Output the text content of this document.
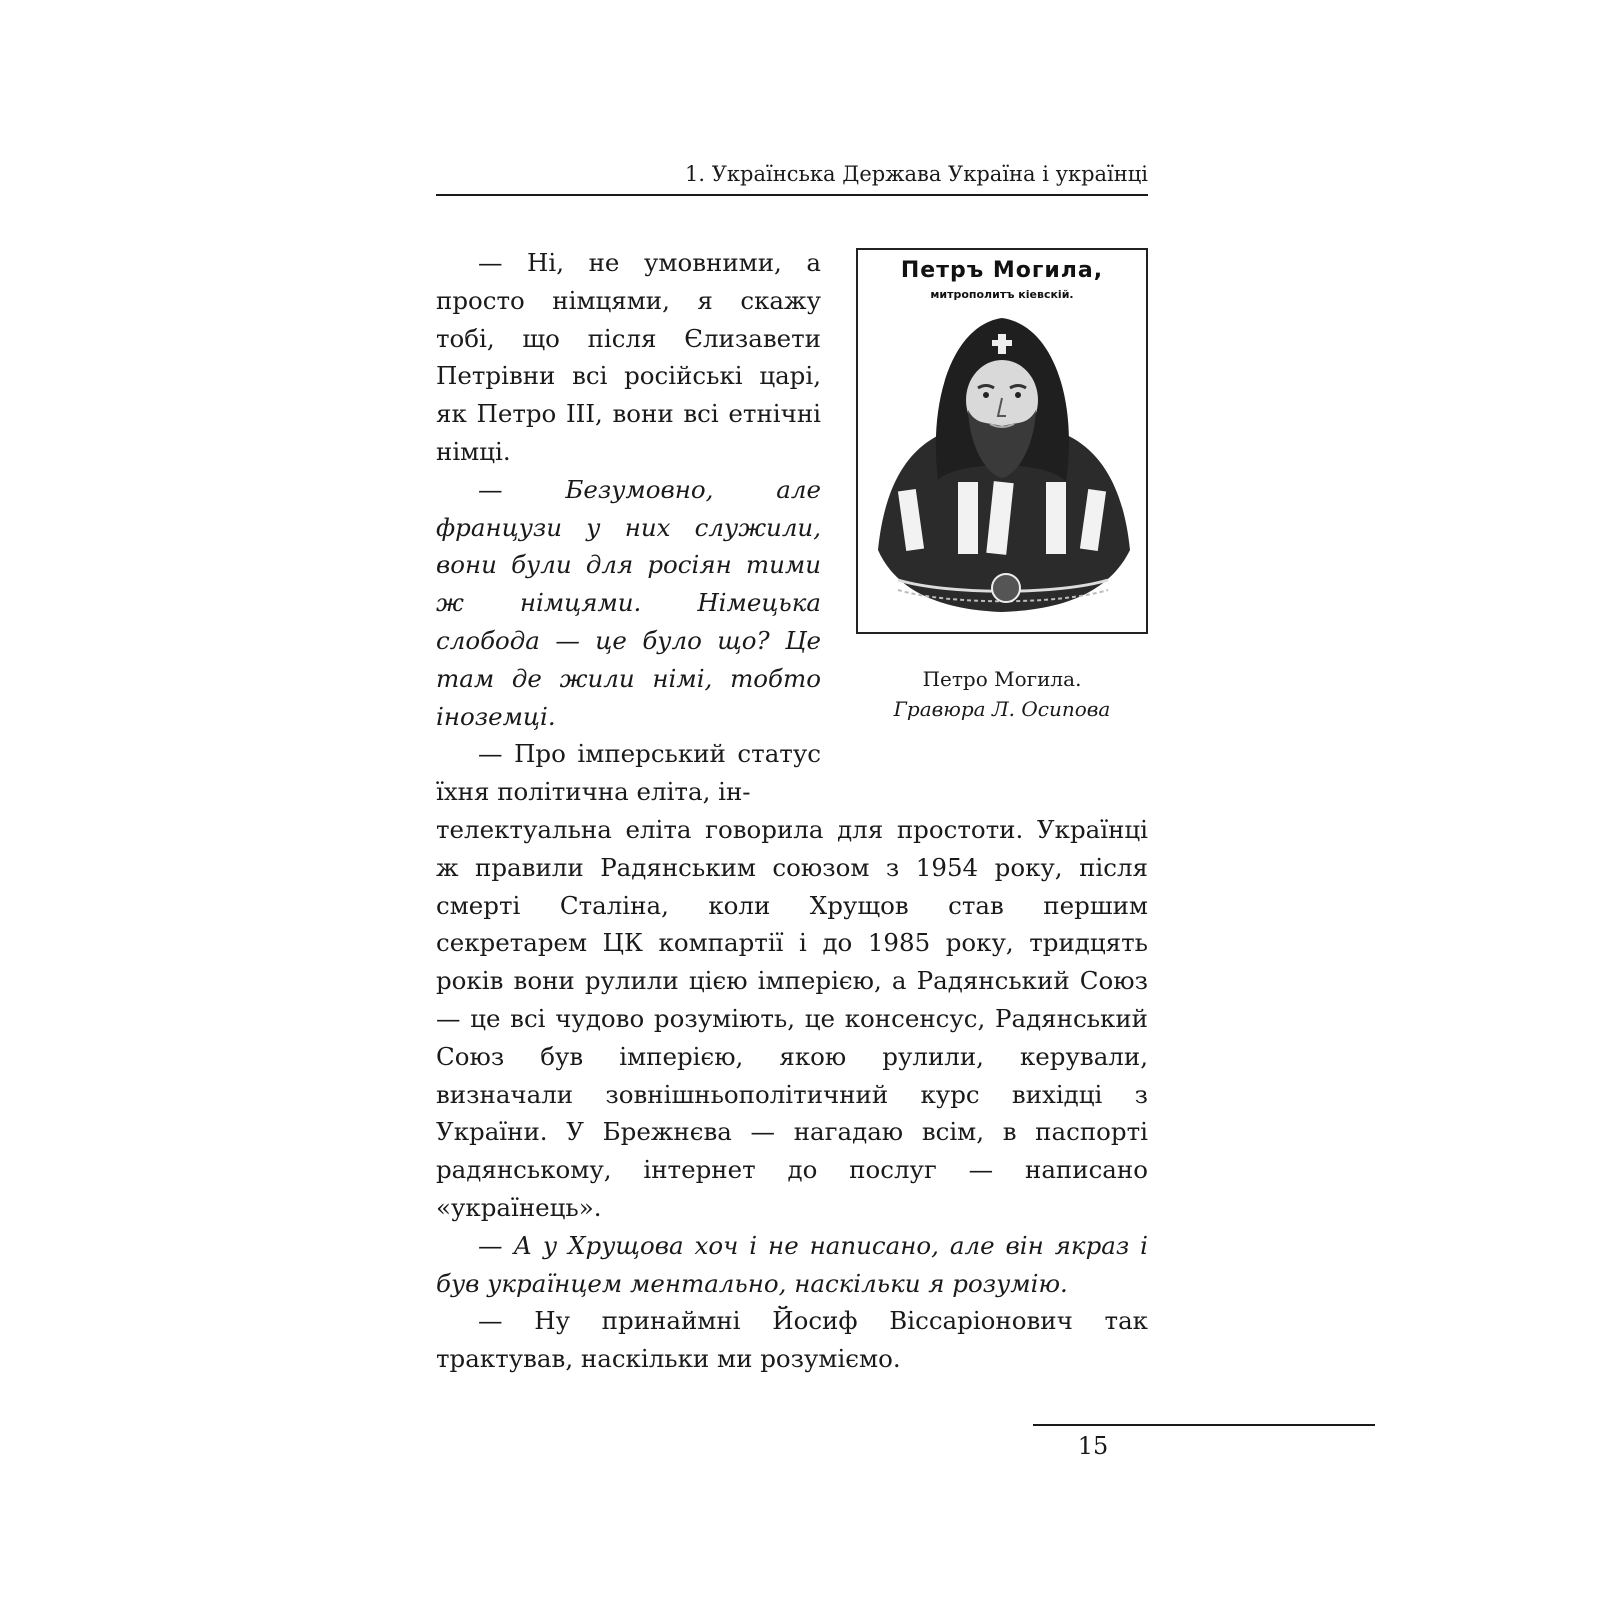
1. Українська Держава Україна і українці
Петръ Могила,
митрополитъ кіевскій.
Петро Могила.
Гравюра Л. Осипова

— Ні, не умовними, а просто німцями, я скажу тобі, що після Єлизавети Петрівни всі російські царі, як Петро III, вони всі етнічні німці.

— Безумовно, але французи у них служили, вони були для росіян тими ж німцями. Німецька слобода — це було що? Це там де жили німі, тобто іноземці.

— Про імперський статус їхня політична еліта, ін-

телектуальна еліта говорила для простоти. Українці ж правили Радянським союзом з 1954 року, після смерті Сталіна, коли Хрущов став першим секретарем ЦК компартії і до 1985 року, тридцять років вони рулили цією імперією, а Радянський Союз — це всі чудово розуміють, це консенсус, Радянський Союз був імперією, якою рулили, керували, визначали зовнішньополітичний курс вихідці з України. У Брежнєва — нагадаю всім, в паспорті радянському, інтернет до послуг — написано «українець».

— А у Хрущова хоч і не написано, але він якраз і був українцем ментально, наскільки я розумію.

— Ну принаймні Йосиф Віссаріонович так трактував, наскільки ми розуміємо.

15
